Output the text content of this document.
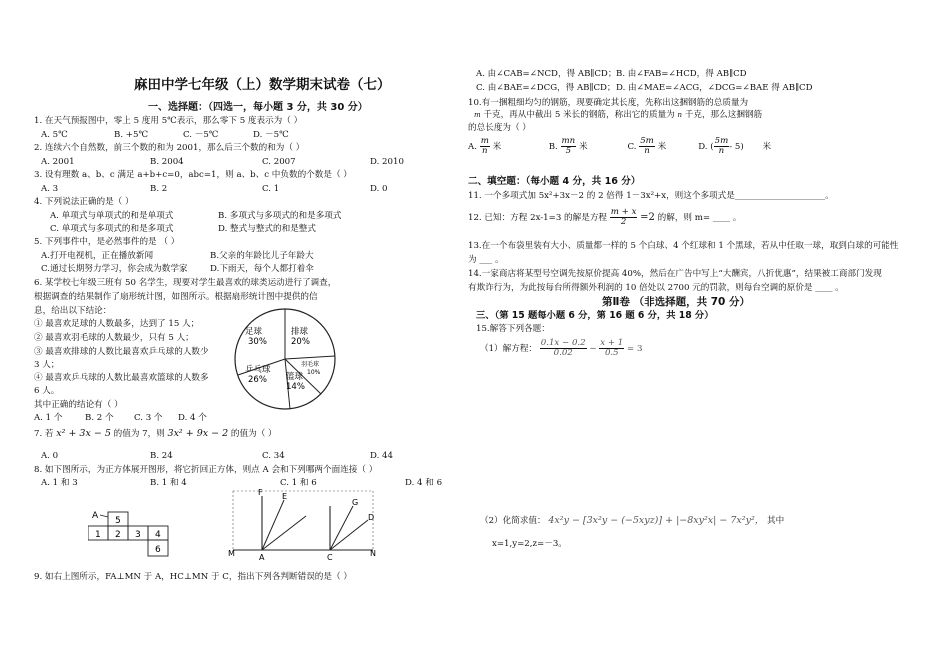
麻田中学七年级（上）数学期末试卷（七）
一、选择题：（四选一，每小题 3 分，共 30 分）
1. 在天气预报图中，零上 5 度用 5℃表示，那么零下 5 度表示为（ ）
A. 5℃	B. +5℃	C. －5℃	D. －5℃
2. 连续六个自然数，前三个数的和为 2001，那么后三个数的和为（ ）
A. 2001	B. 2004	C. 2007	D. 2010
3. 设有理数 a、b、c 满足 a+b+c=0，abc=1，则 a、b、c 中负数的个数是（ ）
A. 3	B. 2	C. 1	D. 0
4. 下列说法正确的是（ ）
A. 单项式与单项式的和是单项式	B. 多项式与多项式的和是多项式
C. 单项式与多项式的和是多项式	D. 整式与整式的和是整式
5. 下列事件中，是必然事件的是 （ ）
A.打开电视机，正在播放新闻	B.父亲的年龄比儿子年龄大
C.通过长期努力学习，你会成为数学家	D.下雨天，每个人都打着伞
6. 某学校七年级三班有 50 名学生，现要对学生最喜欢的球类运动进行了调查，
根据调查的结果制作了扇形统计图，如图所示。根据扇形统计图中提供的信
息，给出以下结论：
① 最喜欢足球的人数最多，达到了 15 人；
② 最喜欢羽毛球的人数最少，只有 5 人；
③ 最喜欢排球的人数比最喜欢乒乓球的人数少
3 人；
④ 最喜欢乒乓球的人数比最喜欢篮球的人数多
6 人。
其中正确的结论有（ ）
A. 1 个	B. 2 个 C. 3 个 D. 4 个
足球
30%
排球
20%
羽毛球
10%
篮球
14%
乒乓球
26%
7. 若 x² + 3x − 5 的值为 7，则 3x² + 9x − 2 的值为（ ）
A. 0	B. 24	C. 34	D. 44
8. 如下图所示，为正方体展开图形，将它折回正方体，则点 A 会和下列哪两个面连接（ ）
A. 1 和 3	B. 1 和 4	C. 1 和 6	D. 4 和 6
A 5
1 2 3 4
6
F E
G
D
M	A	C	N
9. 如右上图所示，FA⊥MN 于 A，HC⊥MN 于 C，指出下列各判断错误的是（ ）
A. 由∠CAB=∠NCD，得 AB∥CD； B. 由∠FAB=∠HCD，得 AB∥CD
C. 由∠BAE=∠DCG，得 AB∥CD； D. 由∠MAE=∠ACG，∠DCG=∠BAE 得 AB∥CD
10.有一捆粗细均匀的钢筋，现要确定其长度，先称出这捆钢筋的总质量为
m 千克，再从中截出 5 米长的钢筋，称出它的质量为 n 千克，那么这捆钢筋
的总长度为（ ）
A. $\frac{m}{n}$ 米	B. $\frac{mn}{5}$ 米	C. $\frac{5m}{n}$ 米	D. ( $\frac{5m}{n} - 5$) 米
二、填空题：（每小题 4 分，共 16 分）
11. 一个多项式加 5x²+3x－2 的 2 倍得 1－3x²+x，则这个多项式是_____________________。
12. 已知：方程 2x-1=3 的解是方程 $\frac{m + x}{2} =2$ 的解，则 m= ____ 。
13.在一个布袋里装有大小、质量都一样的 5 个白球、4 个红球和 1 个黑球，若从中任取一球，取到白球的可能性
为 ___ 。
14.一家商店将某型号空调先按原价提高 40%，然后在广告中写上“大酬宾，八折优惠”，结果被工商部门发现
有欺诈行为，为此按每台所得额外利润的 10 倍处以 2700 元的罚款，则每台空调的原价是 ____ 。
第Ⅱ卷 （非选择题，共 70 分）
三、（第 15 题每小题 6 分，第 16 题 6 分，共 18 分）
15.解答下列各题：
（1）解方程： $\frac{0.1x - 0.2}{0.02} - \frac{x + 1}{0.5} = 3$
（2）化简求值： 4x²y − [3x²y − (−5xyz)] + |−8xy²x| − 7x²y²， 其中
x=1,y=2,z=－3。
